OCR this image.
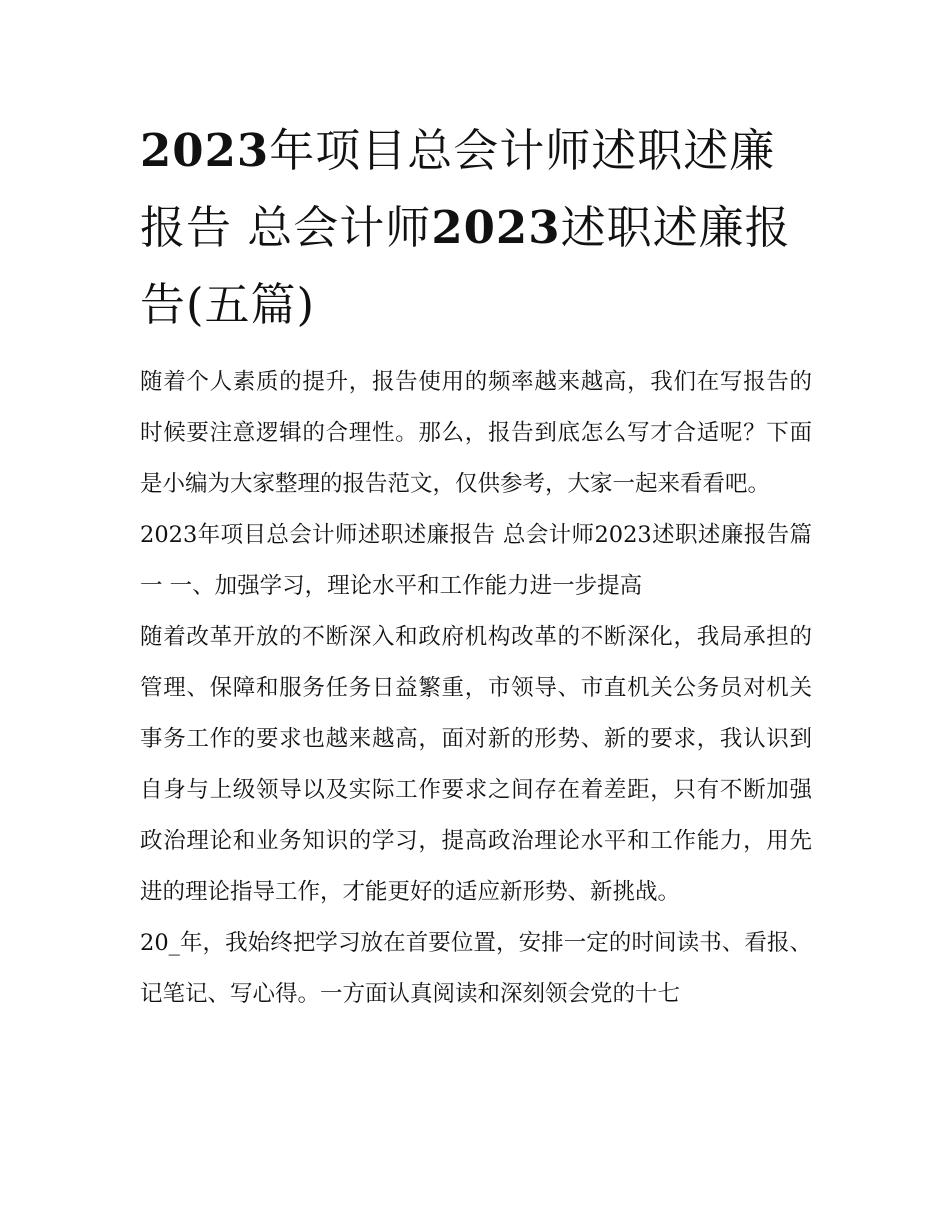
2023年项目总会计师述职述廉报告 总会计师2023述职述廉报告(五篇)

随着个人素质的提升，报告使用的频率越来越高，我们在写报告的时候要注意逻辑的合理性。那么，报告到底怎么写才合适呢？下面是小编为大家整理的报告范文，仅供参考，大家一起来看看吧。

2023年项目总会计师述职述廉报告 总会计师2023述职述廉报告篇一 一、加强学习，理论水平和工作能力进一步提高

随着改革开放的不断深入和政府机构改革的不断深化，我局承担的管理、保障和服务任务日益繁重，市领导、市直机关公务员对机关事务工作的要求也越来越高，面对新的形势、新的要求，我认识到自身与上级领导以及实际工作要求之间存在着差距，只有不断加强政治理论和业务知识的学习，提高政治理论水平和工作能力，用先进的理论指导工作，才能更好的适应新形势、新挑战。

20_年，我始终把学习放在首要位置，安排一定的时间读书、看报、记笔记、写心得。一方面认真阅读和深刻领会党的十七
